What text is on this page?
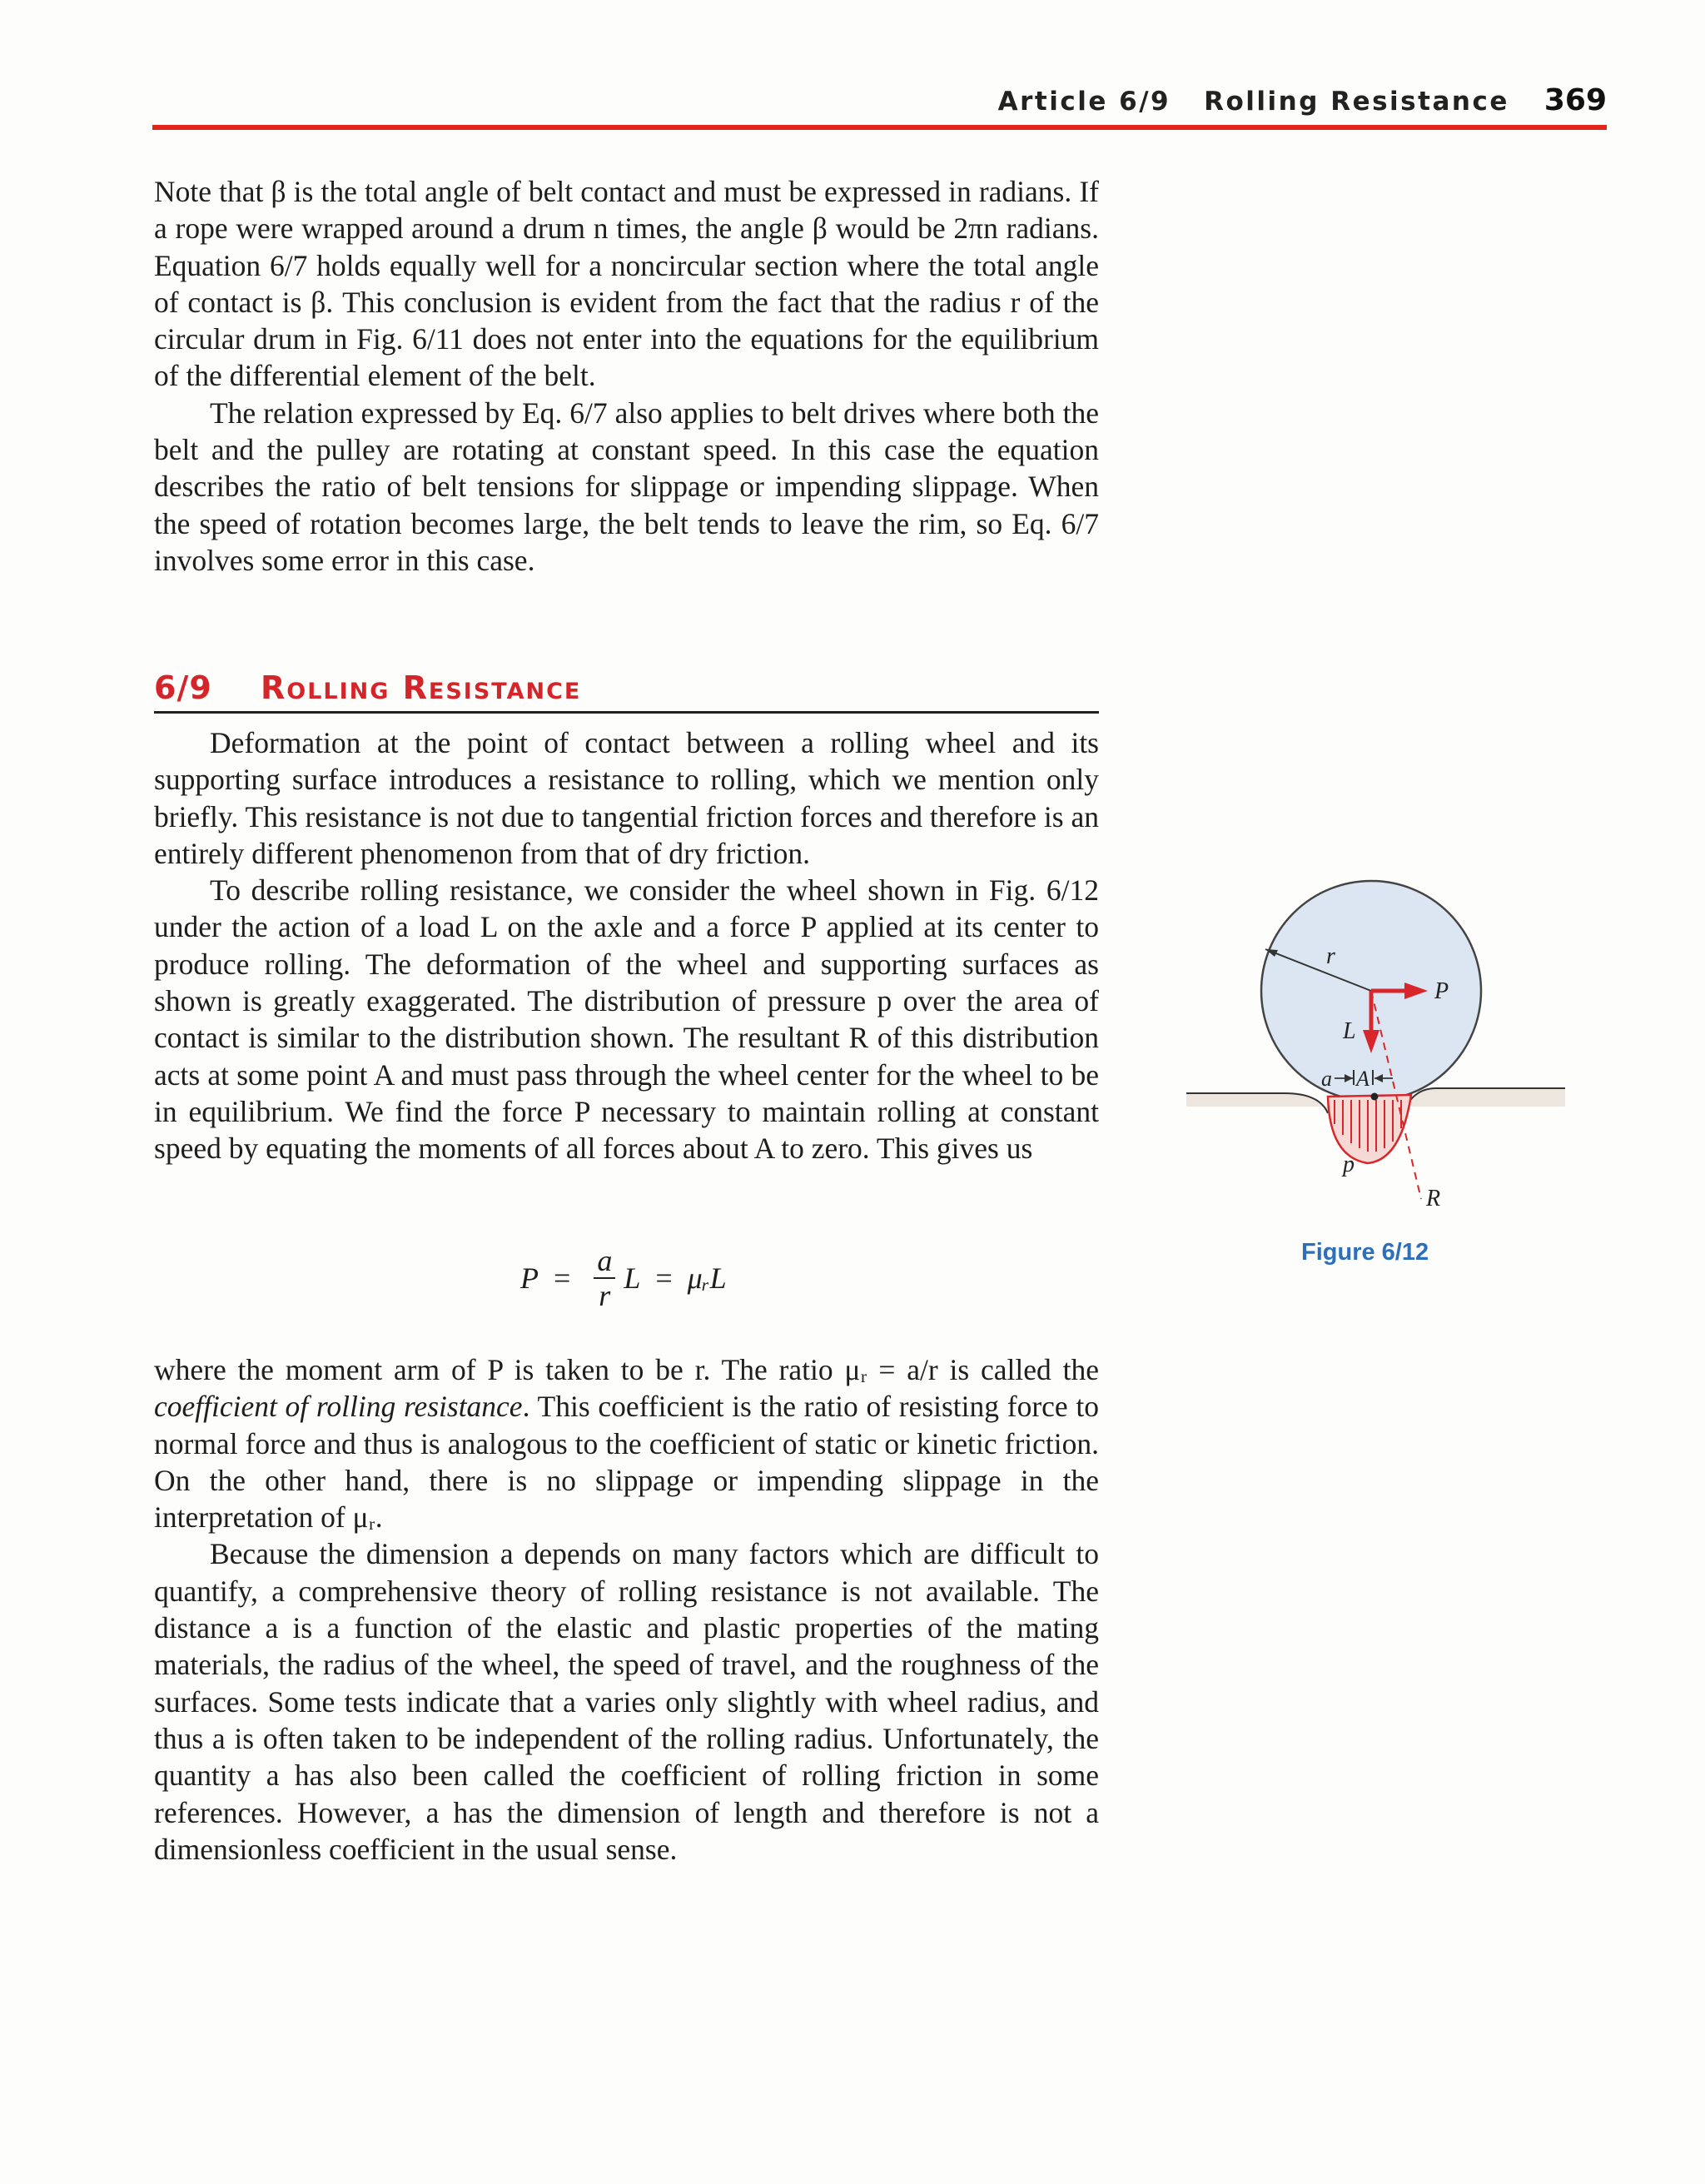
Article 6/9 Rolling Resistance 369

Note that β is the total angle of belt contact and must be expressed in radians. If a rope were wrapped around a drum n times, the angle β would be 2πn radians. Equation 6/7 holds equally well for a noncircular section where the total angle of contact is β. This conclusion is evident from the fact that the radius r of the circular drum in Fig. 6/11 does not enter into the equations for the equilibrium of the differential element of the belt.

The relation expressed by Eq. 6/7 also applies to belt drives where both the belt and the pulley are rotating at constant speed. In this case the equation describes the ratio of belt tensions for slippage or impending slippage. When the speed of rotation becomes large, the belt tends to leave the rim, so Eq. 6/7 involves some error in this case.

6/9 Rolling Resistance

Deformation at the point of contact between a rolling wheel and its supporting surface introduces a resistance to rolling, which we mention only briefly. This resistance is not due to tangential friction forces and therefore is an entirely different phenomenon from that of dry friction.

To describe rolling resistance, we consider the wheel shown in Fig. 6/12 under the action of a load L on the axle and a force P applied at its center to produce rolling. The deformation of the wheel and supporting surfaces as shown is greatly exaggerated. The distribution of pressure p over the area of contact is similar to the distribution shown. The resultant R of this distribution acts at some point A and must pass through the wheel center for the wheel to be in equilibrium. We find the force P necessary to maintain rolling at constant speed by equating the moments of all forces about A to zero. This gives us

$P = \frac{a}{r}$ L = μᵣL

where the moment arm of P is taken to be r. The ratio μᵣ = a/r is called the coefficient of rolling resistance. This coefficient is the ratio of resisting force to normal force and thus is analogous to the coefficient of static or kinetic friction. On the other hand, there is no slippage or impending slippage in the interpretation of μᵣ.

Because the dimension a depends on many factors which are difficult to quantify, a comprehensive theory of rolling resistance is not available. The distance a is a function of the elastic and plastic properties of the mating materials, the radius of the wheel, the speed of travel, and the roughness of the surfaces. Some tests indicate that a varies only slightly with wheel radius, and thus a is often taken to be independent of the rolling radius. Unfortunately, the quantity a has also been called the coefficient of rolling friction in some references. However, a has the dimension of length and therefore is not a dimensionless coefficient in the usual sense.

r
P
L
R
a A
p
Figure 6/12
